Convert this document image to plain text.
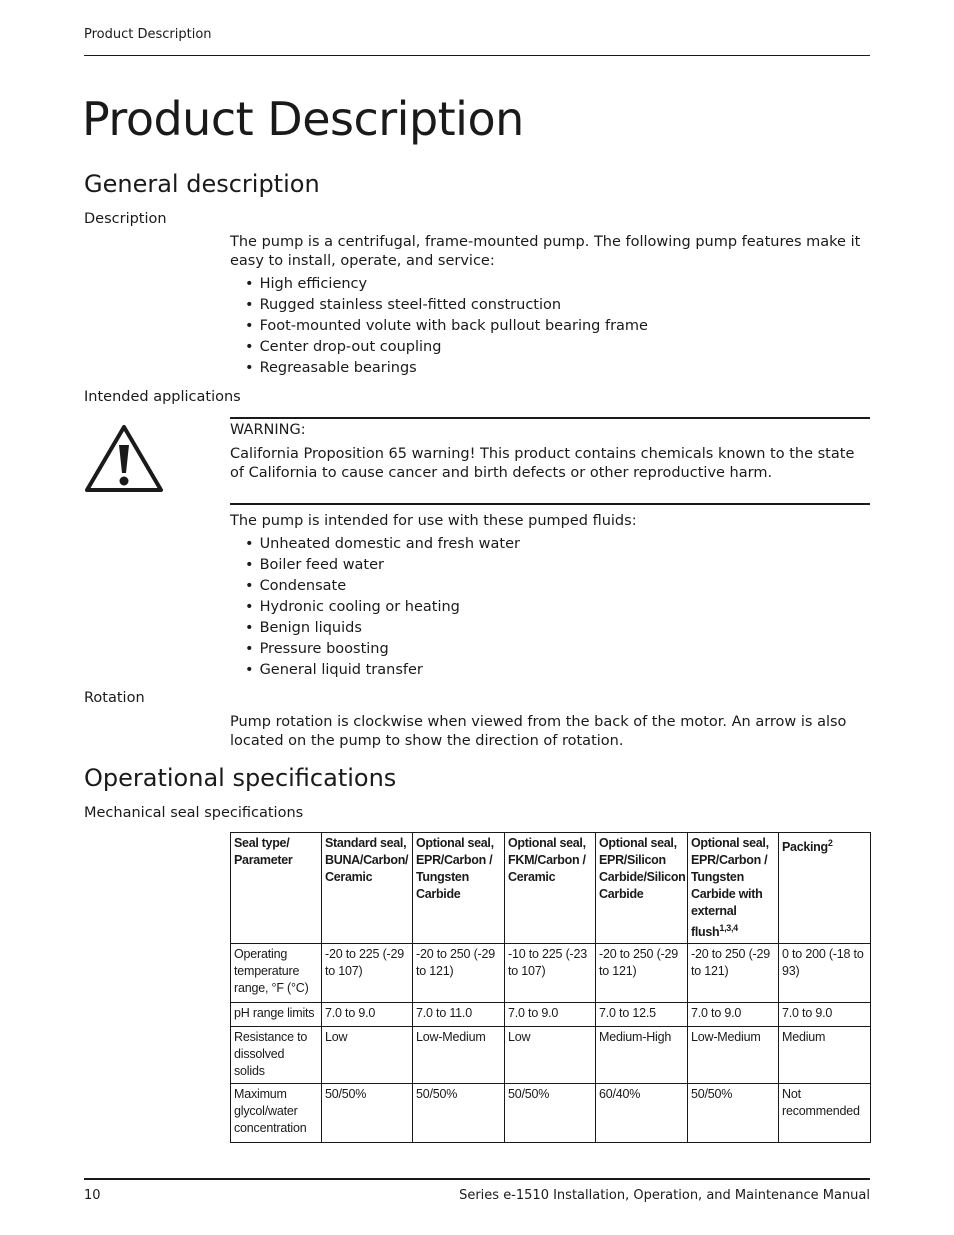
Product Description
Product Description
General description
Description
The pump is a centrifugal, frame-mounted pump. The following pump features make it easy to install, operate, and service:
• High efficiency
• Rugged stainless steel-fitted construction
• Foot-mounted volute with back pullout bearing frame
• Center drop-out coupling
• Regreasable bearings
Intended applications
WARNING:
California Proposition 65 warning! This product contains chemicals known to the state of California to cause cancer and birth defects or other reproductive harm.
The pump is intended for use with these pumped fluids:
• Unheated domestic and fresh water
• Boiler feed water
• Condensate
• Hydronic cooling or heating
• Benign liquids
• Pressure boosting
• General liquid transfer
Rotation
Pump rotation is clockwise when viewed from the back of the motor. An arrow is also located on the pump to show the direction of rotation.
Operational specifications
Mechanical seal specifications
Seal type/ Parameter	Standard seal, BUNA/Carbon/ Ceramic	Optional seal, EPR/Carbon / Tungsten Carbide	Optional seal, FKM/Carbon / Ceramic	Optional seal, EPR/Silicon Carbide/Silicon Carbide	Optional seal, EPR/Carbon / Tungsten Carbide with external flush$^{1,3,4}$	Packing$^2$
Operating temperature range, °F (°C)	-20 to 225 (-29 to 107)	-20 to 250 (-29 to 121)	-10 to 225 (-23 to 107)	-20 to 250 (-29 to 121)	-20 to 250 (-29 to 121)	0 to 200 (-18 to 93)
pH range limits	7.0 to 9.0	7.0 to 11.0	7.0 to 9.0	7.0 to 12.5	7.0 to 9.0	7.0 to 9.0
Resistance to dissolved solids	Low	Low-Medium	Low	Medium-High	Low-Medium	Medium
Maximum glycol/water concentration	50/50%	50/50%	50/50%	60/40%	50/50%	Not recommended
10	Series e-1510 Installation, Operation, and Maintenance Manual
